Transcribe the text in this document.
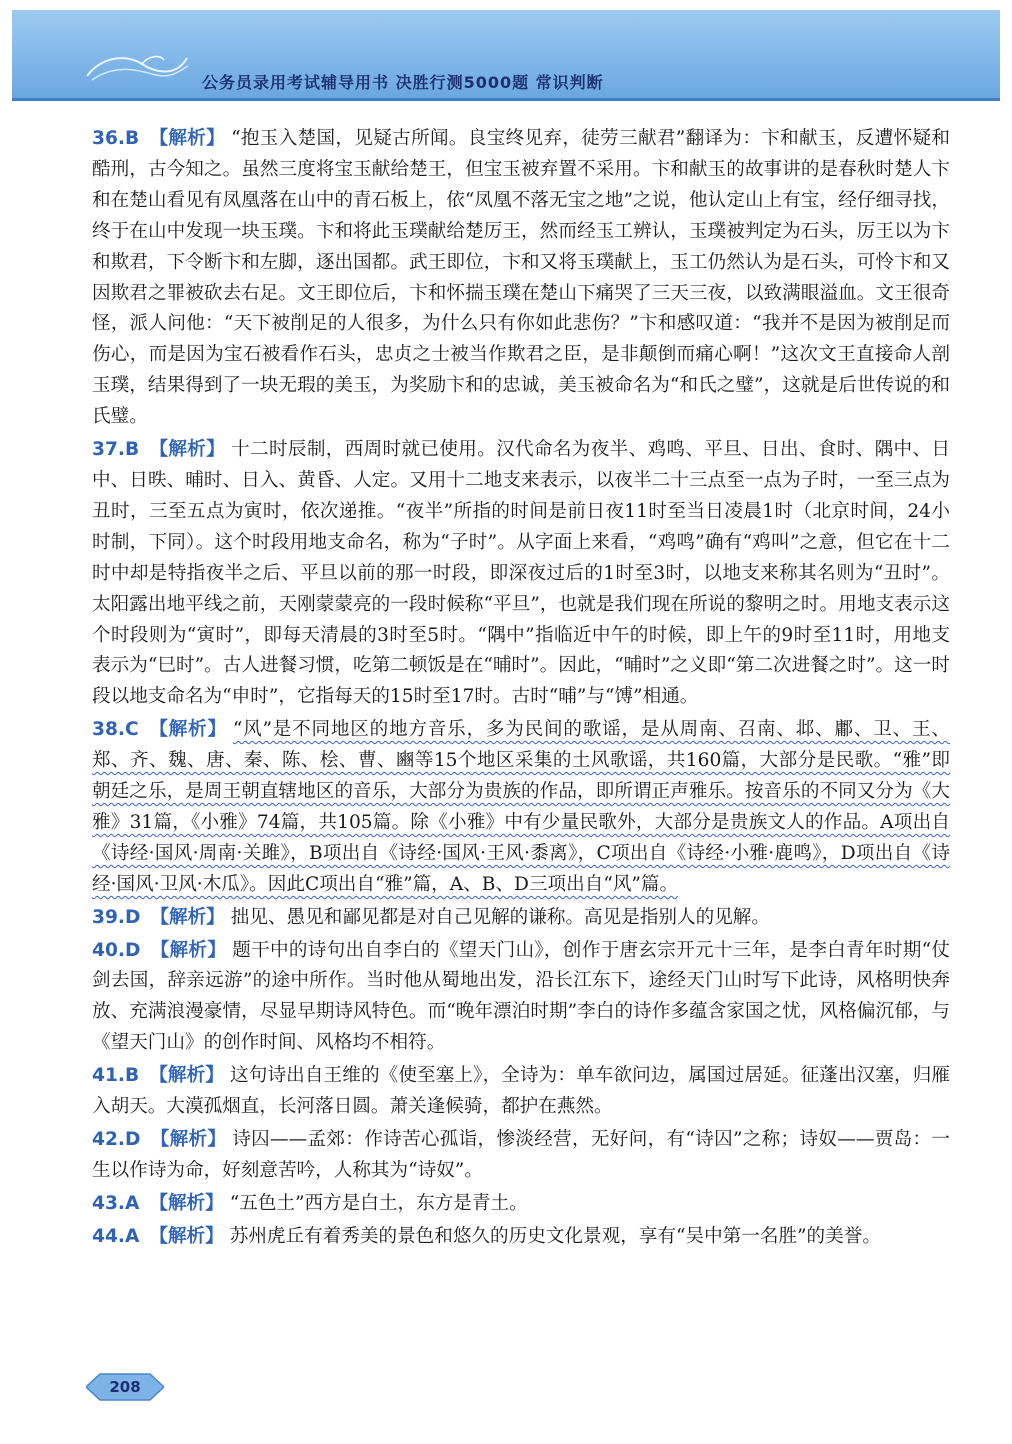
公务员录用考试辅导用书 决胜行测5000题 常识判断
36.B 【解析】 “抱玉入楚国，见疑古所闻。良宝终见弃，徒劳三献君”翻译为：卞和献玉，反遭怀疑和酷刑，古今知之。虽然三度将宝玉献给楚王，但宝玉被弃置不采用。卞和献玉的故事讲的是春秋时楚人卞和在楚山看见有凤凰落在山中的青石板上，依“凤凰不落无宝之地”之说，他认定山上有宝，经仔细寻找，终于在山中发现一块玉璞。卞和将此玉璞献给楚厉王，然而经玉工辨认，玉璞被判定为石头，厉王以为卞和欺君，下令断卞和左脚，逐出国都。武王即位，卞和又将玉璞献上，玉工仍然认为是石头，可怜卞和又因欺君之罪被砍去右足。文王即位后，卞和怀揣玉璞在楚山下痛哭了三天三夜，以致满眼溢血。文王很奇怪，派人问他：“天下被削足的人很多，为什么只有你如此悲伤？”卞和感叹道：“我并不是因为被削足而伤心，而是因为宝石被看作石头，忠贞之士被当作欺君之臣，是非颠倒而痛心啊！”这次文王直接命人剖玉璞，结果得到了一块无瑕的美玉，为奖励卞和的忠诚，美玉被命名为“和氏之璧”，这就是后世传说的和氏璧。
37.B 【解析】 十二时辰制，西周时就已使用。汉代命名为夜半、鸡鸣、平旦、日出、食时、隅中、日中、日昳、晡时、日入、黄昏、人定。又用十二地支来表示，以夜半二十三点至一点为子时，一至三点为丑时，三至五点为寅时，依次递推。“夜半”所指的时间是前日夜11时至当日凌晨1时（北京时间，24小时制，下同）。这个时段用地支命名，称为“子时”。从字面上来看，“鸡鸣”确有“鸡叫”之意，但它在十二时中却是特指夜半之后、平旦以前的那一时段，即深夜过后的1时至3时，以地支来称其名则为“丑时”。太阳露出地平线之前，天刚蒙蒙亮的一段时候称“平旦”，也就是我们现在所说的黎明之时。用地支表示这个时段则为“寅时”，即每天清晨的3时至5时。“隅中”指临近中午的时候，即上午的9时至11时，用地支表示为“巳时”。古人进餐习惯，吃第二顿饭是在“晡时”。因此，“晡时”之义即“第二次进餐之时”。这一时段以地支命名为“申时”，它指每天的15时至17时。古时“晡”与“馎”相通。
38.C 【解析】 “风”是不同地区的地方音乐，多为民间的歌谣，是从周南、召南、邶、鄘、卫、王、郑、齐、魏、唐、秦、陈、桧、曹、豳等15个地区采集的土风歌谣，共160篇，大部分是民歌。“雅”即朝廷之乐，是周王朝直辖地区的音乐，大部分为贵族的作品，即所谓正声雅乐。按音乐的不同又分为《大雅》31篇，《小雅》74篇，共105篇。除《小雅》中有少量民歌外，大部分是贵族文人的作品。A项出自《诗经·国风·周南·关雎》，B项出自《诗经·国风·王风·黍离》，C项出自《诗经·小雅·鹿鸣》，D项出自《诗经·国风·卫风·木瓜》。因此C项出自“雅”篇，A、B、D三项出自“风”篇。
39.D 【解析】 拙见、愚见和鄙见都是对自己见解的谦称。高见是指别人的见解。
40.D 【解析】 题干中的诗句出自李白的《望天门山》，创作于唐玄宗开元十三年，是李白青年时期“仗剑去国，辞亲远游”的途中所作。当时他从蜀地出发，沿长江东下，途经天门山时写下此诗，风格明快奔放、充满浪漫豪情，尽显早期诗风特色。而“晚年漂泊时期”李白的诗作多蕴含家国之忧，风格偏沉郁，与《望天门山》的创作时间、风格均不相符。
41.B 【解析】 这句诗出自王维的《使至塞上》，全诗为：单车欲问边，属国过居延。征蓬出汉塞，归雁入胡天。大漠孤烟直，长河落日圆。萧关逢候骑，都护在燕然。
42.D 【解析】 诗囚——孟郊：作诗苦心孤诣，惨淡经营，无好问，有“诗囚”之称；诗奴——贾岛：一生以作诗为命，好刻意苦吟，人称其为“诗奴”。
43.A 【解析】 “五色土”西方是白土，东方是青土。
44.A 【解析】 苏州虎丘有着秀美的景色和悠久的历史文化景观，享有“吴中第一名胜”的美誉。
208
